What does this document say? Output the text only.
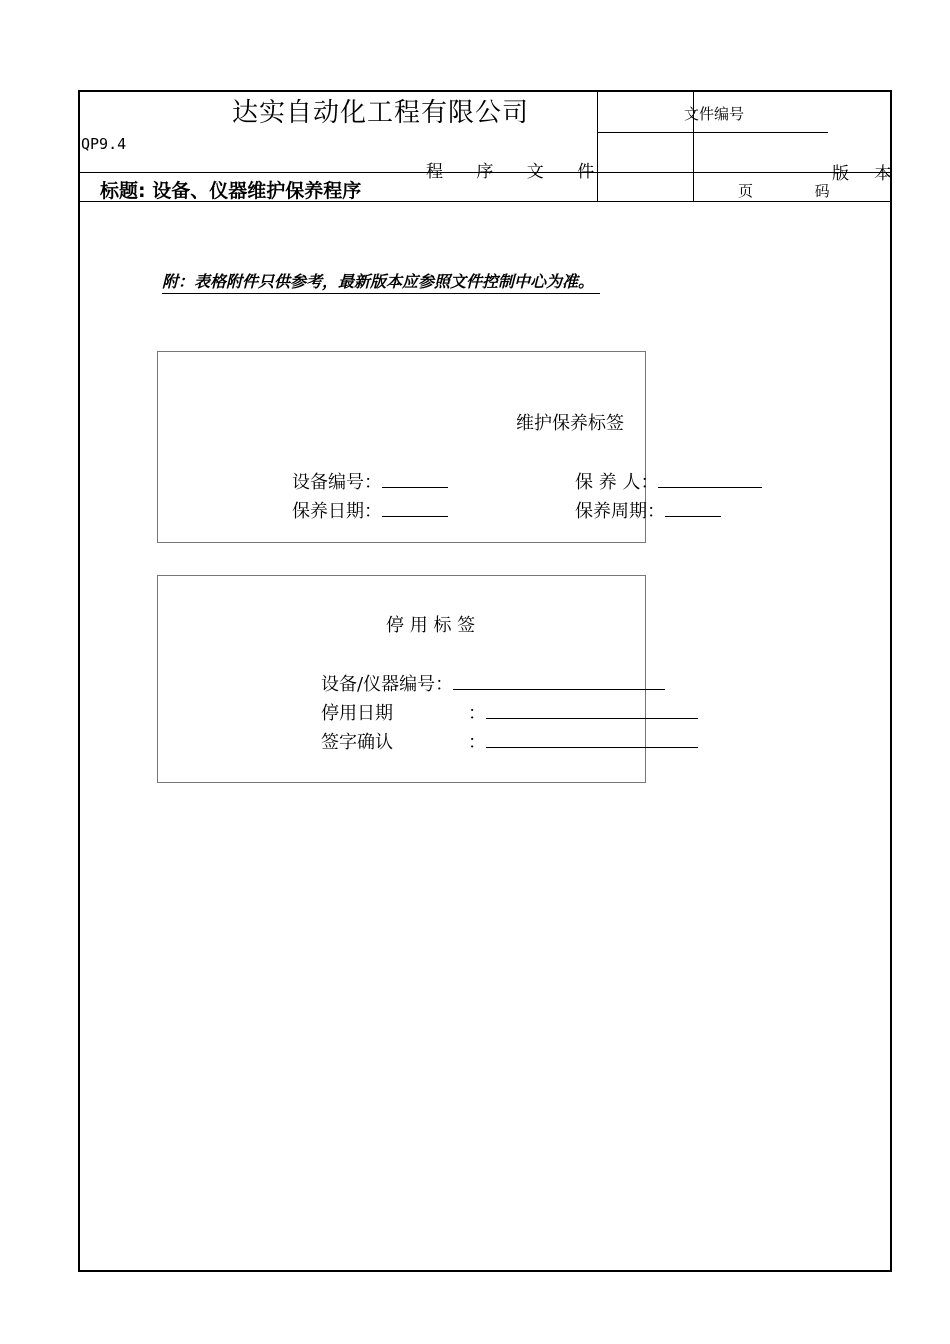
达实自动化工程有限公司
QP9.4
程 序 文 件	版 本
标题: 设备、仪器维护保养程序
文件编号
页	码
附：表格附件只供参考，最新版本应参照文件控制中心为准。
维护保养标签
设备编号：	保 养 人：
保养日期：	保养周期：
停 用 标 签
设备/仪器编号：
停用日期	：
签字确认	：
